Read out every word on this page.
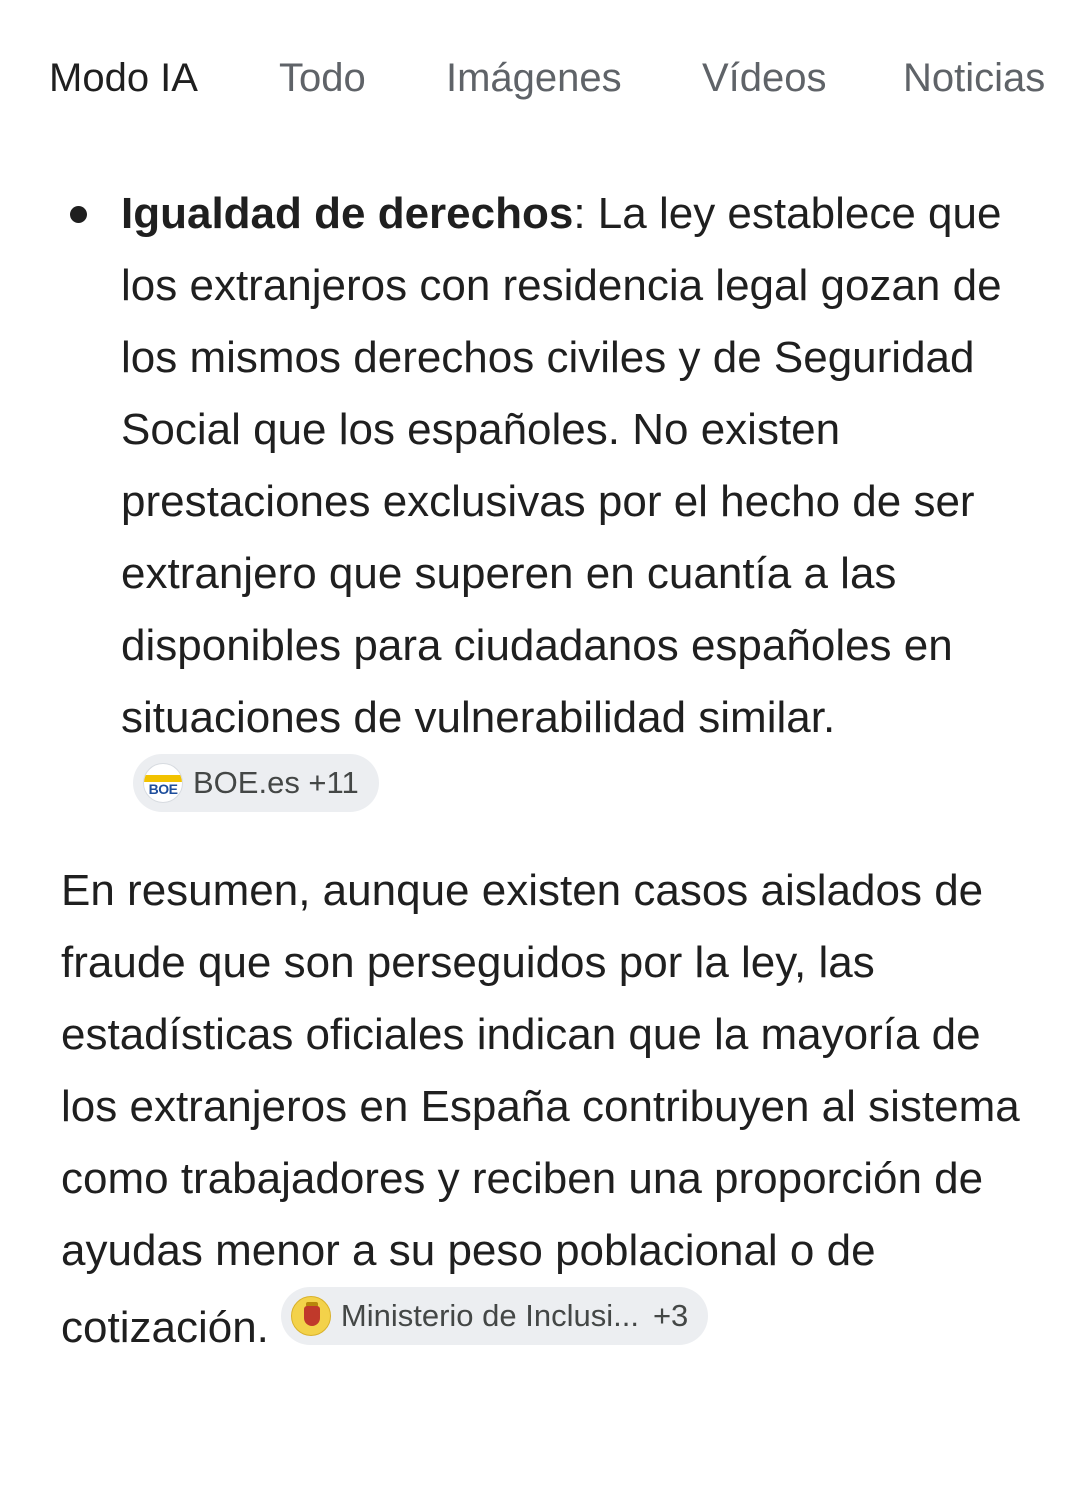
Modo IA Todo Imágenes Vídeos Noticias
Igualdad de derechos: La ley establece que los extranjeros con residencia legal gozan de los mismos derechos civiles y de Seguridad Social que los españoles. No existen prestaciones exclusivas por el hecho de ser extranjero que superen en cuantía a las disponibles para ciudadanos españoles en situaciones de vulnerabilidad similar.
BOE BOE.es +11

En resumen, aunque existen casos aislados de fraude que son perseguidos por la ley, las estadísticas oficiales indican que la mayoría de los extranjeros en España contribuyen al sistema como trabajadores y reciben una proporción de ayudas menor a su peso poblacional o de cotización. Ministerio de Inclusi... +3
